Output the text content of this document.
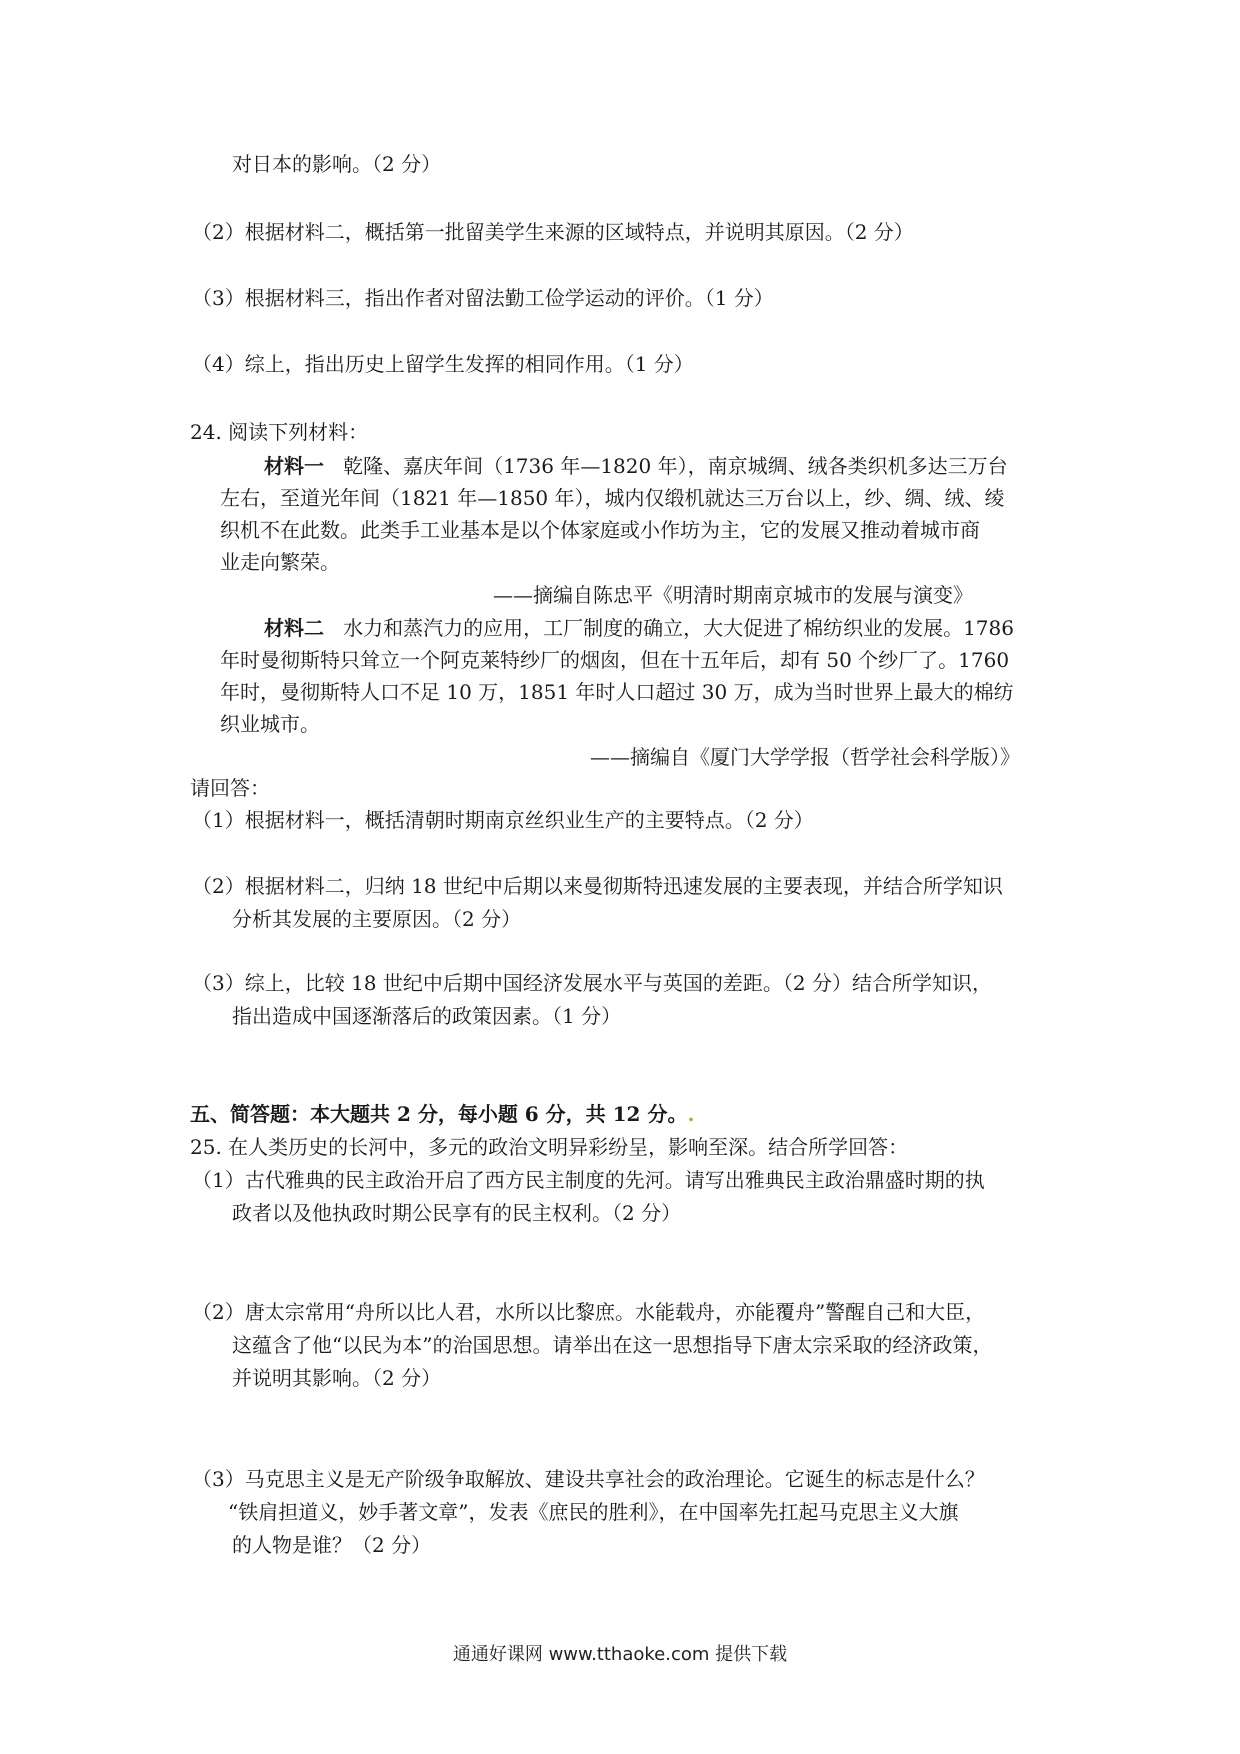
对日本的影响。（2 分）
（2）根据材料二，概括第一批留美学生来源的区域特点，并说明其原因。（2 分）
（3）根据材料三，指出作者对留法勤工俭学运动的评价。（1 分）
（4）综上，指出历史上留学生发挥的相同作用。（1 分）
24. 阅读下列材料：
材料一 乾隆、嘉庆年间（1736 年—1820 年），南京城绸、绒各类织机多达三万台
左右，至道光年间（1821 年—1850 年），城内仅缎机就达三万台以上，纱、绸、绒、绫
织机不在此数。此类手工业基本是以个体家庭或小作坊为主，它的发展又推动着城市商
业走向繁荣。
——摘编自陈忠平《明清时期南京城市的发展与演变》
材料二 水力和蒸汽力的应用，工厂制度的确立，大大促进了棉纺织业的发展。1786
年时曼彻斯特只耸立一个阿克莱特纱厂的烟囱，但在十五年后，却有 50 个纱厂了。1760
年时，曼彻斯特人口不足 10 万，1851 年时人口超过 30 万，成为当时世界上最大的棉纺
织业城市。
——摘编自《厦门大学学报（哲学社会科学版）》
请回答：
（1）根据材料一，概括清朝时期南京丝织业生产的主要特点。（2 分）
（2）根据材料二，归纳 18 世纪中后期以来曼彻斯特迅速发展的主要表现，并结合所学知识
分析其发展的主要原因。（2 分）
（3）综上，比较 18 世纪中后期中国经济发展水平与英国的差距。（2 分）结合所学知识，
指出造成中国逐渐落后的政策因素。（1 分）
五、简答题：本大题共 2 分，每小题 6 分，共 12 分。.
25. 在人类历史的长河中，多元的政治文明异彩纷呈，影响至深。结合所学回答：
（1）古代雅典的民主政治开启了西方民主制度的先河。请写出雅典民主政治鼎盛时期的执
政者以及他执政时期公民享有的民主权利。（2 分）
（2）唐太宗常用“舟所以比人君，水所以比黎庶。水能载舟，亦能覆舟”警醒自己和大臣，
这蕴含了他“以民为本”的治国思想。请举出在这一思想指导下唐太宗采取的经济政策，
并说明其影响。（2 分）
（3）马克思主义是无产阶级争取解放、建设共享社会的政治理论。它诞生的标志是什么？
“铁肩担道义，妙手著文章”，发表《庶民的胜利》，在中国率先扛起马克思主义大旗
的人物是谁？（2 分）
通通好课网 www.tthaoke.com 提供下载
